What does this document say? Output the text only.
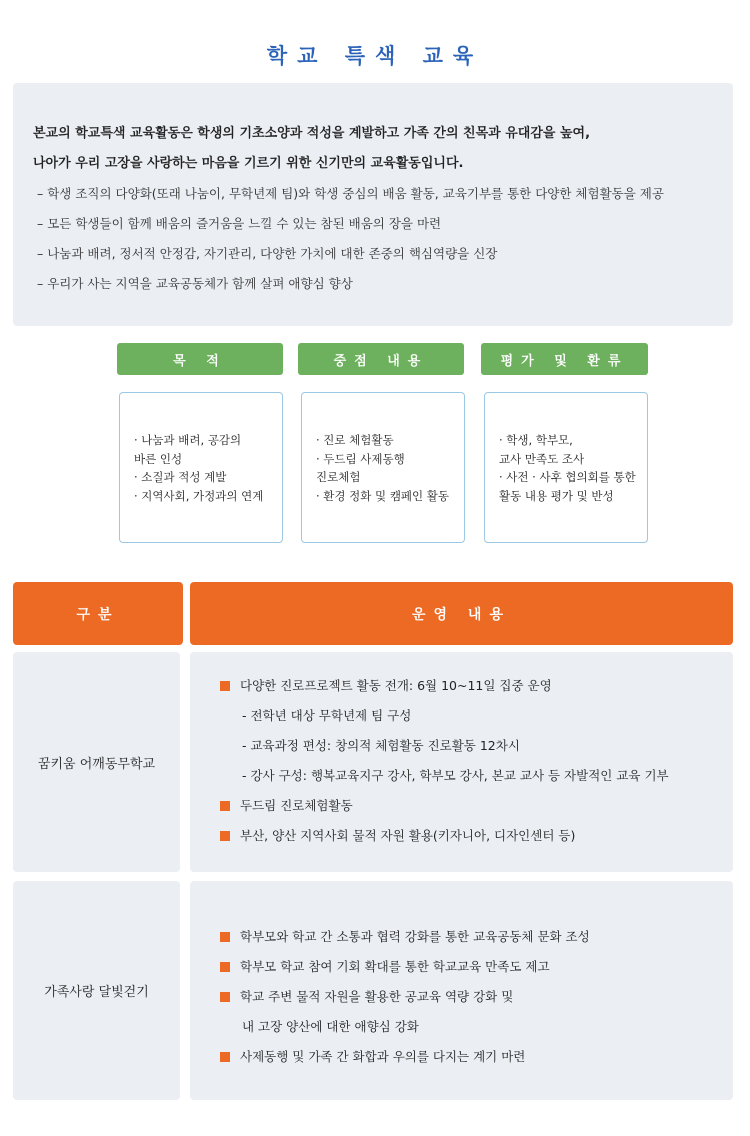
학교 특색 교육
본교의 학교특색 교육활동은 학생의 기초소양과 적성을 계발하고 가족 간의 친목과 유대감을 높여,
나아가 우리 고장을 사랑하는 마음을 기르기 위한 신기만의 교육활동입니다.
– 학생 조직의 다양화(또래 나눔이, 무학년제 팀)와 학생 중심의 배움 활동, 교육기부를 통한 다양한 체험활동을 제공
– 모든 학생들이 함께 배움의 즐거움을 느낄 수 있는 참된 배움의 장을 마련
– 나눔과 배려, 정서적 안정감, 자기관리, 다양한 가치에 대한 존중의 핵심역량을 신장
– 우리가 사는 지역을 교육공동체가 함께 살펴 애향심 향상
목 적	중점 내용	평가 및 환류
· 나눔과 배려, 공감의
바른 인성
· 소질과 적성 계발
· 지역사회, 가정과의 연계
· 진로 체험활동
· 두드림 사제동행
진로체험
· 환경 정화 및 캠페인 활동
· 학생, 학부모,
교사 만족도 조사
· 사전 · 사후 협의회를 통한
활동 내용 평가 및 반성
구분	운영 내용
꿈키움 어깨동무학교
다양한 진로프로젝트 활동 전개: 6월 10~11일 집중 운영
- 전학년 대상 무학년제 팀 구성
- 교육과정 편성: 창의적 체험활동 진로활동 12차시
- 강사 구성: 행복교육지구 강사, 학부모 강사, 본교 교사 등 자발적인 교육 기부
두드림 진로체험활동
부산, 양산 지역사회 물적 자원 활용(키자니아, 디자인센터 등)
가족사랑 달빛걷기
학부모와 학교 간 소통과 협력 강화를 통한 교육공동체 문화 조성
학부모 학교 참여 기회 확대를 통한 학교교육 만족도 제고
학교 주변 물적 자원을 활용한 공교육 역량 강화 및
내 고장 양산에 대한 애향심 강화
사제동행 및 가족 간 화합과 우의를 다지는 계기 마련
